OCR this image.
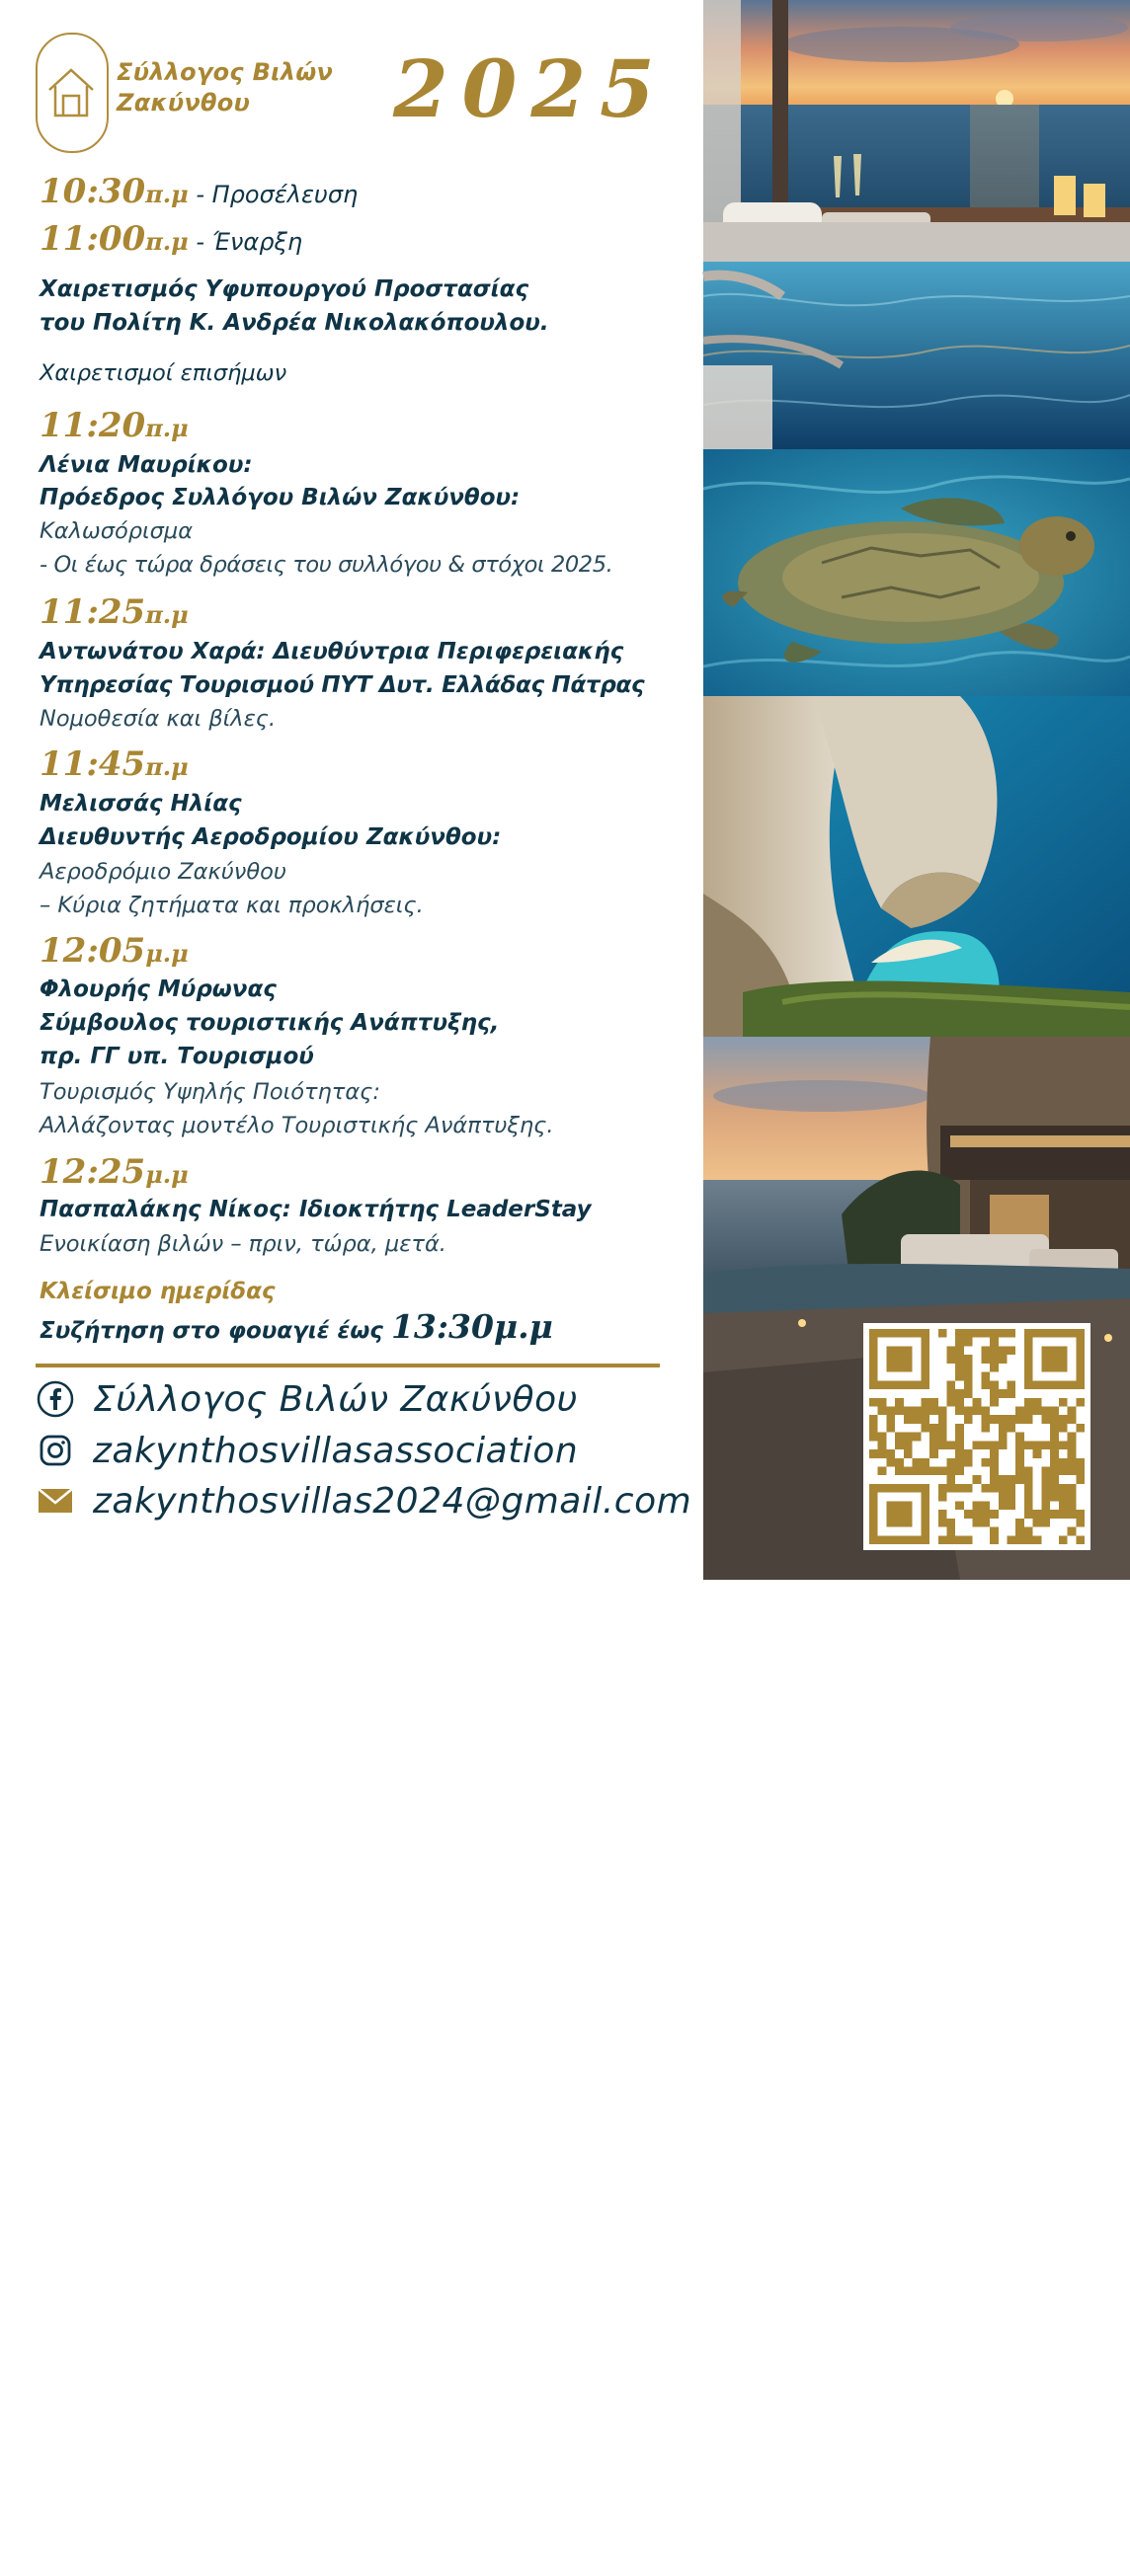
Σύλλογος Βιλών
Ζακύνθου	2025
10:30π.μ - Προσέλευση
11:00π.μ - Έναρξη
Χαιρετισμός Υφυπουργού Προστασίας
του Πολίτη Κ. Ανδρέα Νικολακόπουλου.
Χαιρετισμοί επισήμων
11:20π.μ
Λένια Μαυρίκου:
Πρόεδρος Συλλόγου Βιλών Ζακύνθου:
Καλωσόρισμα
- Οι έως τώρα δράσεις του συλλόγου & στόχοι 2025.
11:25π.μ
Αντωνάτου Χαρά: Διευθύντρια Περιφερειακής
Υπηρεσίας Τουρισμού ΠΥΤ Δυτ. Ελλάδας Πάτρας
Νομοθεσία και βίλες.
11:45π.μ
Μελισσάς Ηλίας
Διευθυντής Αεροδρομίου Ζακύνθου:
Αεροδρόμιο Ζακύνθου
– Κύρια ζητήματα και προκλήσεις.
12:05μ.μ
Φλουρής Μύρωνας
Σύμβουλος τουριστικής Ανάπτυξης,
πρ. ΓΓ υπ. Τουρισμού
Τουρισμός Υψηλής Ποιότητας:
Αλλάζοντας μοντέλο Τουριστικής Ανάπτυξης.
12:25μ.μ
Πασπαλάκης Νίκος: Ιδιοκτήτης LeaderStay
Ενοικίαση βιλών – πριν, τώρα, μετά.
Κλείσιμο ημερίδας
Συζήτηση στο φουαγιέ έως 13:30μ.μ
Σύλλογος Βιλών Ζακύνθου
zakynthosvillasassociation
zakynthosvillas2024@gmail.com
ZVA.GR
